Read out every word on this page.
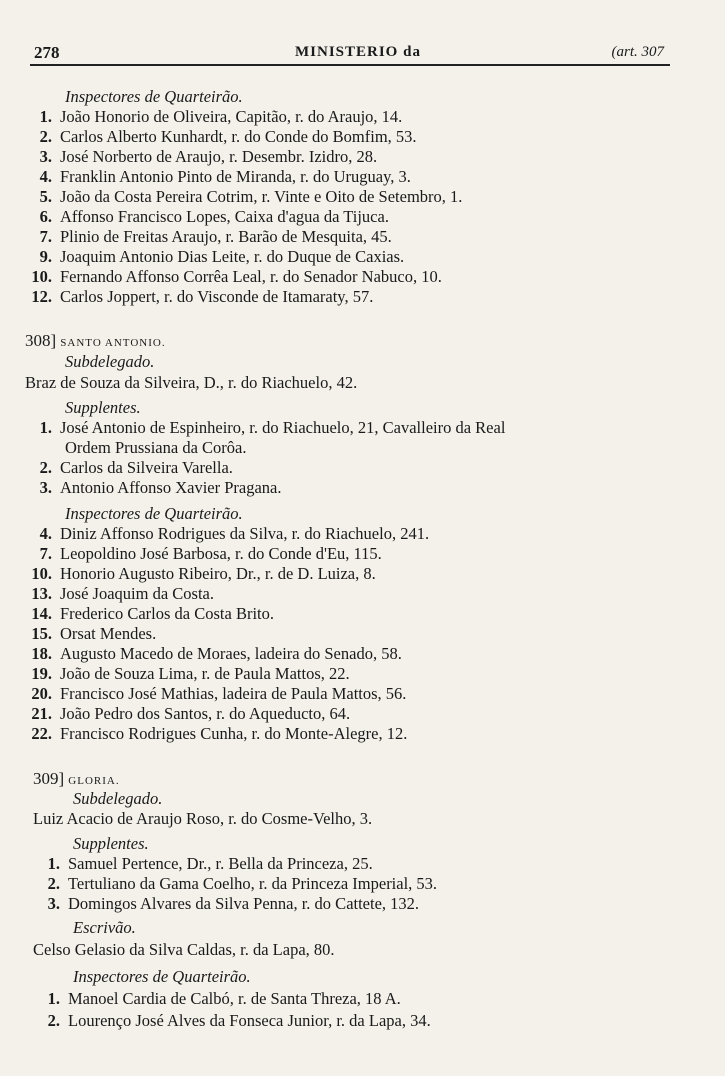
278	MINISTERIO da	(art. 307
Inspectores de Quarteirão.
1. João Honorio de Oliveira, Capitão, r. do Araujo, 14.
2. Carlos Alberto Kunhardt, r. do Conde do Bomfim, 53.
3. José Norberto de Araujo, r. Desembr. Izidro, 28.
4. Franklin Antonio Pinto de Miranda, r. do Uruguay, 3.
5. João da Costa Pereira Cotrim, r. Vinte e Oito de Setembro, 1.
6. Affonso Francisco Lopes, Caixa d'agua da Tijuca.
7. Plinio de Freitas Araujo, r. Barão de Mesquita, 45.
9. Joaquim Antonio Dias Leite, r. do Duque de Caxias.
10. Fernando Affonso Corrêa Leal, r. do Senador Nabuco, 10.
12. Carlos Joppert, r. do Visconde de Itamaraty, 57.
308] SANTO ANTONIO.
Subdelegado.
Braz de Souza da Silveira, D., r. do Riachuelo, 42.
Supplentes.
1. José Antonio de Espinheiro, r. do Riachuelo, 21, Cavalleiro da Real
Ordem Prussiana da Corôa.
2. Carlos da Silveira Varella.
3. Antonio Affonso Xavier Pragana.
Inspectores de Quarteirão.
4. Diniz Affonso Rodrigues da Silva, r. do Riachuelo, 241.
7. Leopoldino José Barbosa, r. do Conde d'Eu, 115.
10. Honorio Augusto Ribeiro, Dr., r. de D. Luiza, 8.
13. José Joaquim da Costa.
14. Frederico Carlos da Costa Brito.
15. Orsat Mendes.
18. Augusto Macedo de Moraes, ladeira do Senado, 58.
19. João de Souza Lima, r. de Paula Mattos, 22.
20. Francisco José Mathias, ladeira de Paula Mattos, 56.
21. João Pedro dos Santos, r. do Aqueducto, 64.
22. Francisco Rodrigues Cunha, r. do Monte-Alegre, 12.
309] GLORIA.
Subdelegado.
Luiz Acacio de Araujo Roso, r. do Cosme-Velho, 3.
Supplentes.
1. Samuel Pertence, Dr., r. Bella da Princeza, 25.
2. Tertuliano da Gama Coelho, r. da Princeza Imperial, 53.
3. Domingos Alvares da Silva Penna, r. do Cattete, 132.
Escrivão.
Celso Gelasio da Silva Caldas, r. da Lapa, 80.
Inspectores de Quarteirão.
1. Manoel Cardia de Calbó, r. de Santa Threza, 18 A.
2. Lourenço José Alves da Fonseca Junior, r. da Lapa, 34.
